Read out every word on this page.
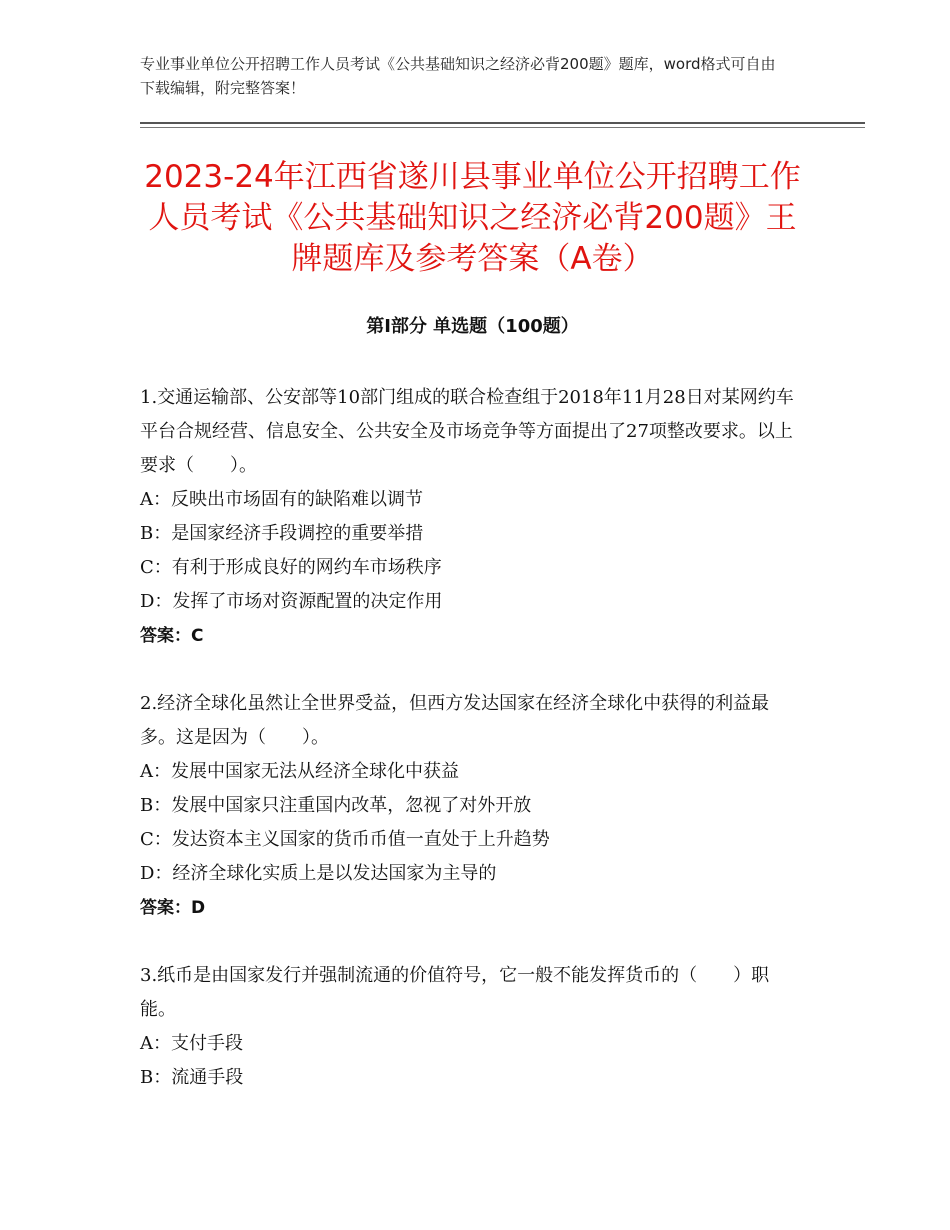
专业事业单位公开招聘工作人员考试《公共基础知识之经济必背200题》题库，word格式可自由下载编辑，附完整答案！
2023-24年江西省遂川县事业单位公开招聘工作人员考试《公共基础知识之经济必背200题》王牌题库及参考答案（A卷）
第I部分 单选题（100题）

1.交通运输部、公安部等10部门组成的联合检查组于2018年11月28日对某网约车平台合规经营、信息安全、公共安全及市场竞争等方面提出了27项整改要求。以上要求（　　）。

A：反映出市场固有的缺陷难以调节

B：是国家经济手段调控的重要举措

C：有利于形成良好的网约车市场秩序

D：发挥了市场对资源配置的决定作用

答案：C

2.经济全球化虽然让全世界受益，但西方发达国家在经济全球化中获得的利益最多。这是因为（　　）。

A：发展中国家无法从经济全球化中获益

B：发展中国家只注重国内改革，忽视了对外开放

C：发达资本主义国家的货币币值一直处于上升趋势

D：经济全球化实质上是以发达国家为主导的

答案：D

3.纸币是由国家发行并强制流通的价值符号，它一般不能发挥货币的（　　）职能。

A：支付手段

B：流通手段
